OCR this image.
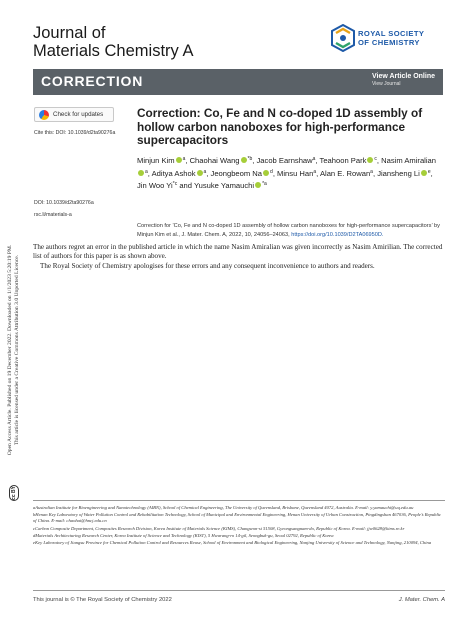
Open Access Article. Published on 19 December 2022. Downloaded on 1/1/2023 5:20:19 PM. This article is licensed under a Creative Commons Attribution 3.0 Unported Licence.
cc BY
Journal of
Materials Chemistry A
ROYAL SOCIETY
OF CHEMISTRY
CORRECTION	View Article Online
View Journal
Check for updates
Cite this: DOI: 10.1039/d2ta90276a
DOI: 10.1039/d2ta90276a
rsc.li/materials-a
Correction: Co, Fe and N co-doped 1D assembly of hollow carbon nanoboxes for high-performance supercapacitors
Minjun Kim $^a$, Chaohai Wang $^{*b}$, Jacob Earnshaw$^a$, Teahoon Park $^c$, Nasim Amiralian$^a$, Aditya Ashok $^a$, Jeongbeom Na $^d$, Minsu Han$^a$, Alan E. Rowan$^a$, Jiansheng Li $^e$, Jin Woo Yi$^{*c}$ and Yusuke Yamauchi $^{*a}$
Correction for ‘Co, Fe and N co-doped 1D assembly of hollow carbon nanoboxes for high-performance supercapacitors’ by Minjun Kim et al., J. Mater. Chem. A, 2022, 10, 24056–24063, https://doi.org/10.1039/D2TA06950D.

The authors regret an error in the published article in which the name Nasim Amiralian was given incorrectly as Nasim Amirilian. The corrected list of authors for this paper is as shown above.

The Royal Society of Chemistry apologises for these errors and any consequent inconvenience to authors and readers.

aAustralian Institute for Bioengineering and Nanotechnology (AIBN), School of Chemical Engineering, The University of Queensland, Brisbane, Queensland 4072, Australia. E-mail: y.yamauchi@uq.edu.au

bHenan Key Laboratory of Water Pollution Control and Rehabilitation Technology, School of Municipal and Environmental Engineering, Henan University of Urban Construction, Pingdingshan 467036, People’s Republic of China. E-mail: chaohai@hncj.edu.cn

cCarbon Composite Department, Composites Research Division, Korea Institute of Materials Science (KIMS), Changwon-si 51508, Gyeongsangnam-do, Republic of Korea. E-mail: jjw0628@kims.re.kr

dMaterials Architecturing Research Center, Korea Institute of Science and Technology (KIST), 5 Hwarang-ro 14-gil, Seongbuk-gu, Seoul 02792, Republic of Korea

eKey Laboratory of Jiangsu Province for Chemical Pollution Control and Resources Reuse, School of Environment and Biological Engineering, Nanjing University of Science and Technology, Nanjing, 210094, China

This journal is © The Royal Society of Chemistry 2022	J. Mater. Chem. A
